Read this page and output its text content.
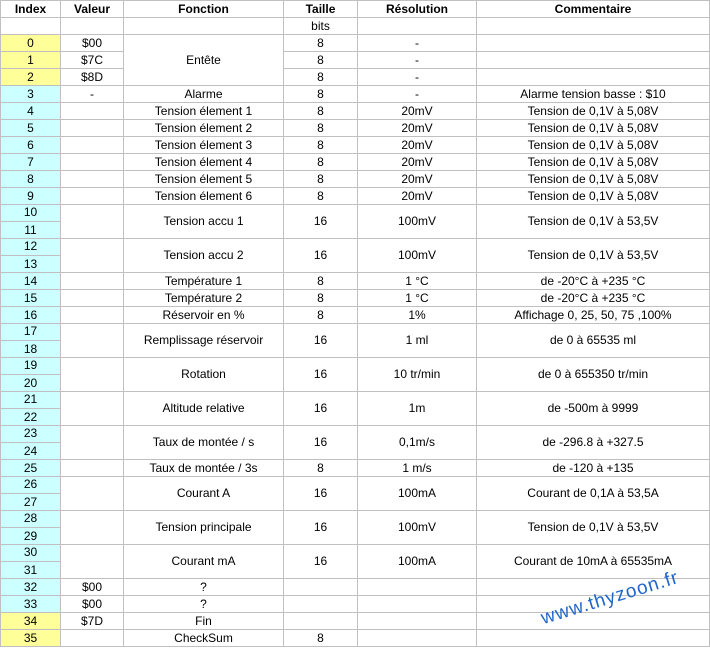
Index	Valeur	Fonction	Taille	Résolution	Commentaire
			bits		
0	$00	Entête	8	-	
1	$7C		8	-	
2	$8D		8	-	
3	-	Alarme	8	-	Alarme tension basse : $10
4		Tension élement 1	8	20mV	Tension de 0,1V à 5,08V
5		Tension élement 2	8	20mV	Tension de 0,1V à 5,08V
6		Tension élement 3	8	20mV	Tension de 0,1V à 5,08V
7		Tension élement 4	8	20mV	Tension de 0,1V à 5,08V
8		Tension élement 5	8	20mV	Tension de 0,1V à 5,08V
9		Tension élement 6	8	20mV	Tension de 0,1V à 5,08V
10		Tension accu 1	16	100mV	Tension de 0,1V à 53,5V
11					
12		Tension accu 2	16	100mV	Tension de 0,1V à 53,5V
13					
14		Température 1	8	1 °C	de -20°C à +235 °C
15		Température 2	8	1 °C	de -20°C à +235 °C
16		Réservoir en %	8	1%	Affichage 0, 25, 50, 75 ,100%
17		Remplissage réservoir	16	1 ml	de 0 à 65535 ml
18					
19		Rotation	16	10 tr/min	de 0 à 655350 tr/min
20					
21		Altitude relative	16	1m	de -500m à 9999
22					
23		Taux de montée / s	16	0,1m/s	de -296.8 à +327.5
24					
25		Taux de montée / 3s	8	1 m/s	de -120 à +135
26		Courant A	16	100mA	Courant de 0,1A à 53,5A
27					
28		Tension principale	16	100mV	Tension de 0,1V à 53,5V
29					
30		Courant mA	16	100mA	Courant de 10mA à 65535mA
31					
32	$00	?			
33	$00	?			
34	$7D	Fin			
35		CheckSum	8		
www.thyzoon.fr
